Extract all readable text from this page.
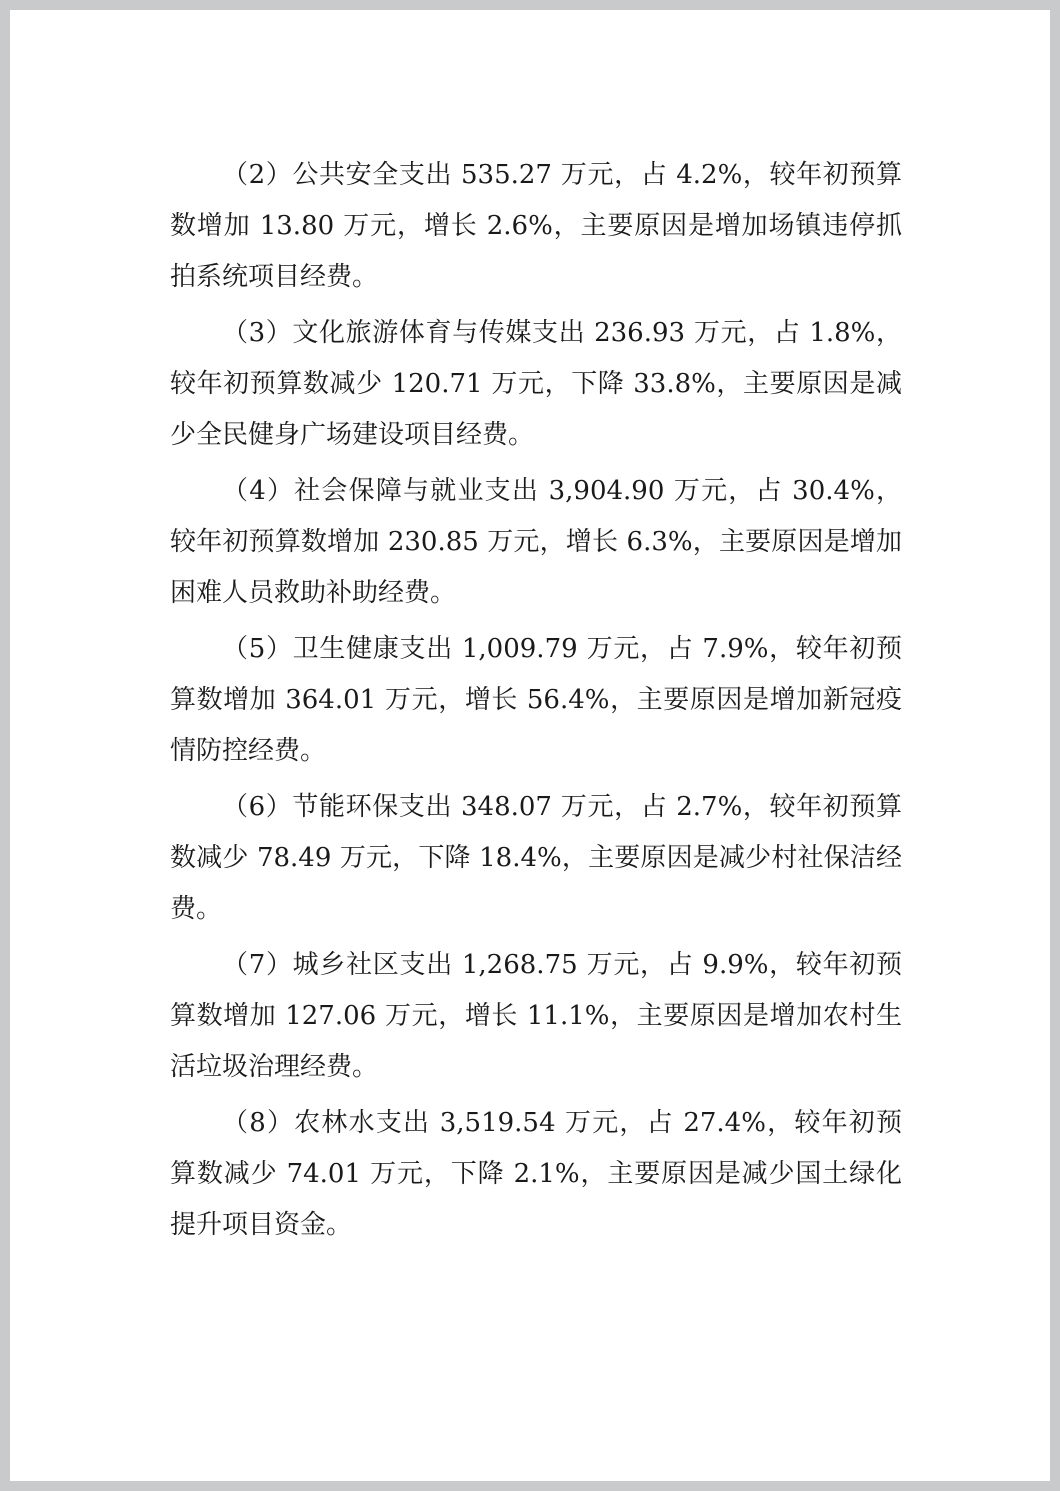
（2）公共安全支出 535.27 万元，占 4.2%，较年初预算数增加 13.80 万元，增长 2.6%，主要原因是增加场镇违停抓拍系统项目经费。

（3）文化旅游体育与传媒支出 236.93 万元，占 1.8%，较年初预算数减少 120.71 万元，下降 33.8%，主要原因是减少全民健身广场建设项目经费。

（4）社会保障与就业支出 3,904.90 万元，占 30.4%，较年初预算数增加 230.85 万元，增长 6.3%，主要原因是增加困难人员救助补助经费。

（5）卫生健康支出 1,009.79 万元，占 7.9%，较年初预算数增加 364.01 万元，增长 56.4%，主要原因是增加新冠疫情防控经费。

（6）节能环保支出 348.07 万元，占 2.7%，较年初预算数减少 78.49 万元，下降 18.4%，主要原因是减少村社保洁经费。

（7）城乡社区支出 1,268.75 万元，占 9.9%，较年初预算数增加 127.06 万元，增长 11.1%，主要原因是增加农村生活垃圾治理经费。

（8）农林水支出 3,519.54 万元，占 27.4%，较年初预算数减少 74.01 万元，下降 2.1%，主要原因是减少国土绿化提升项目资金。
